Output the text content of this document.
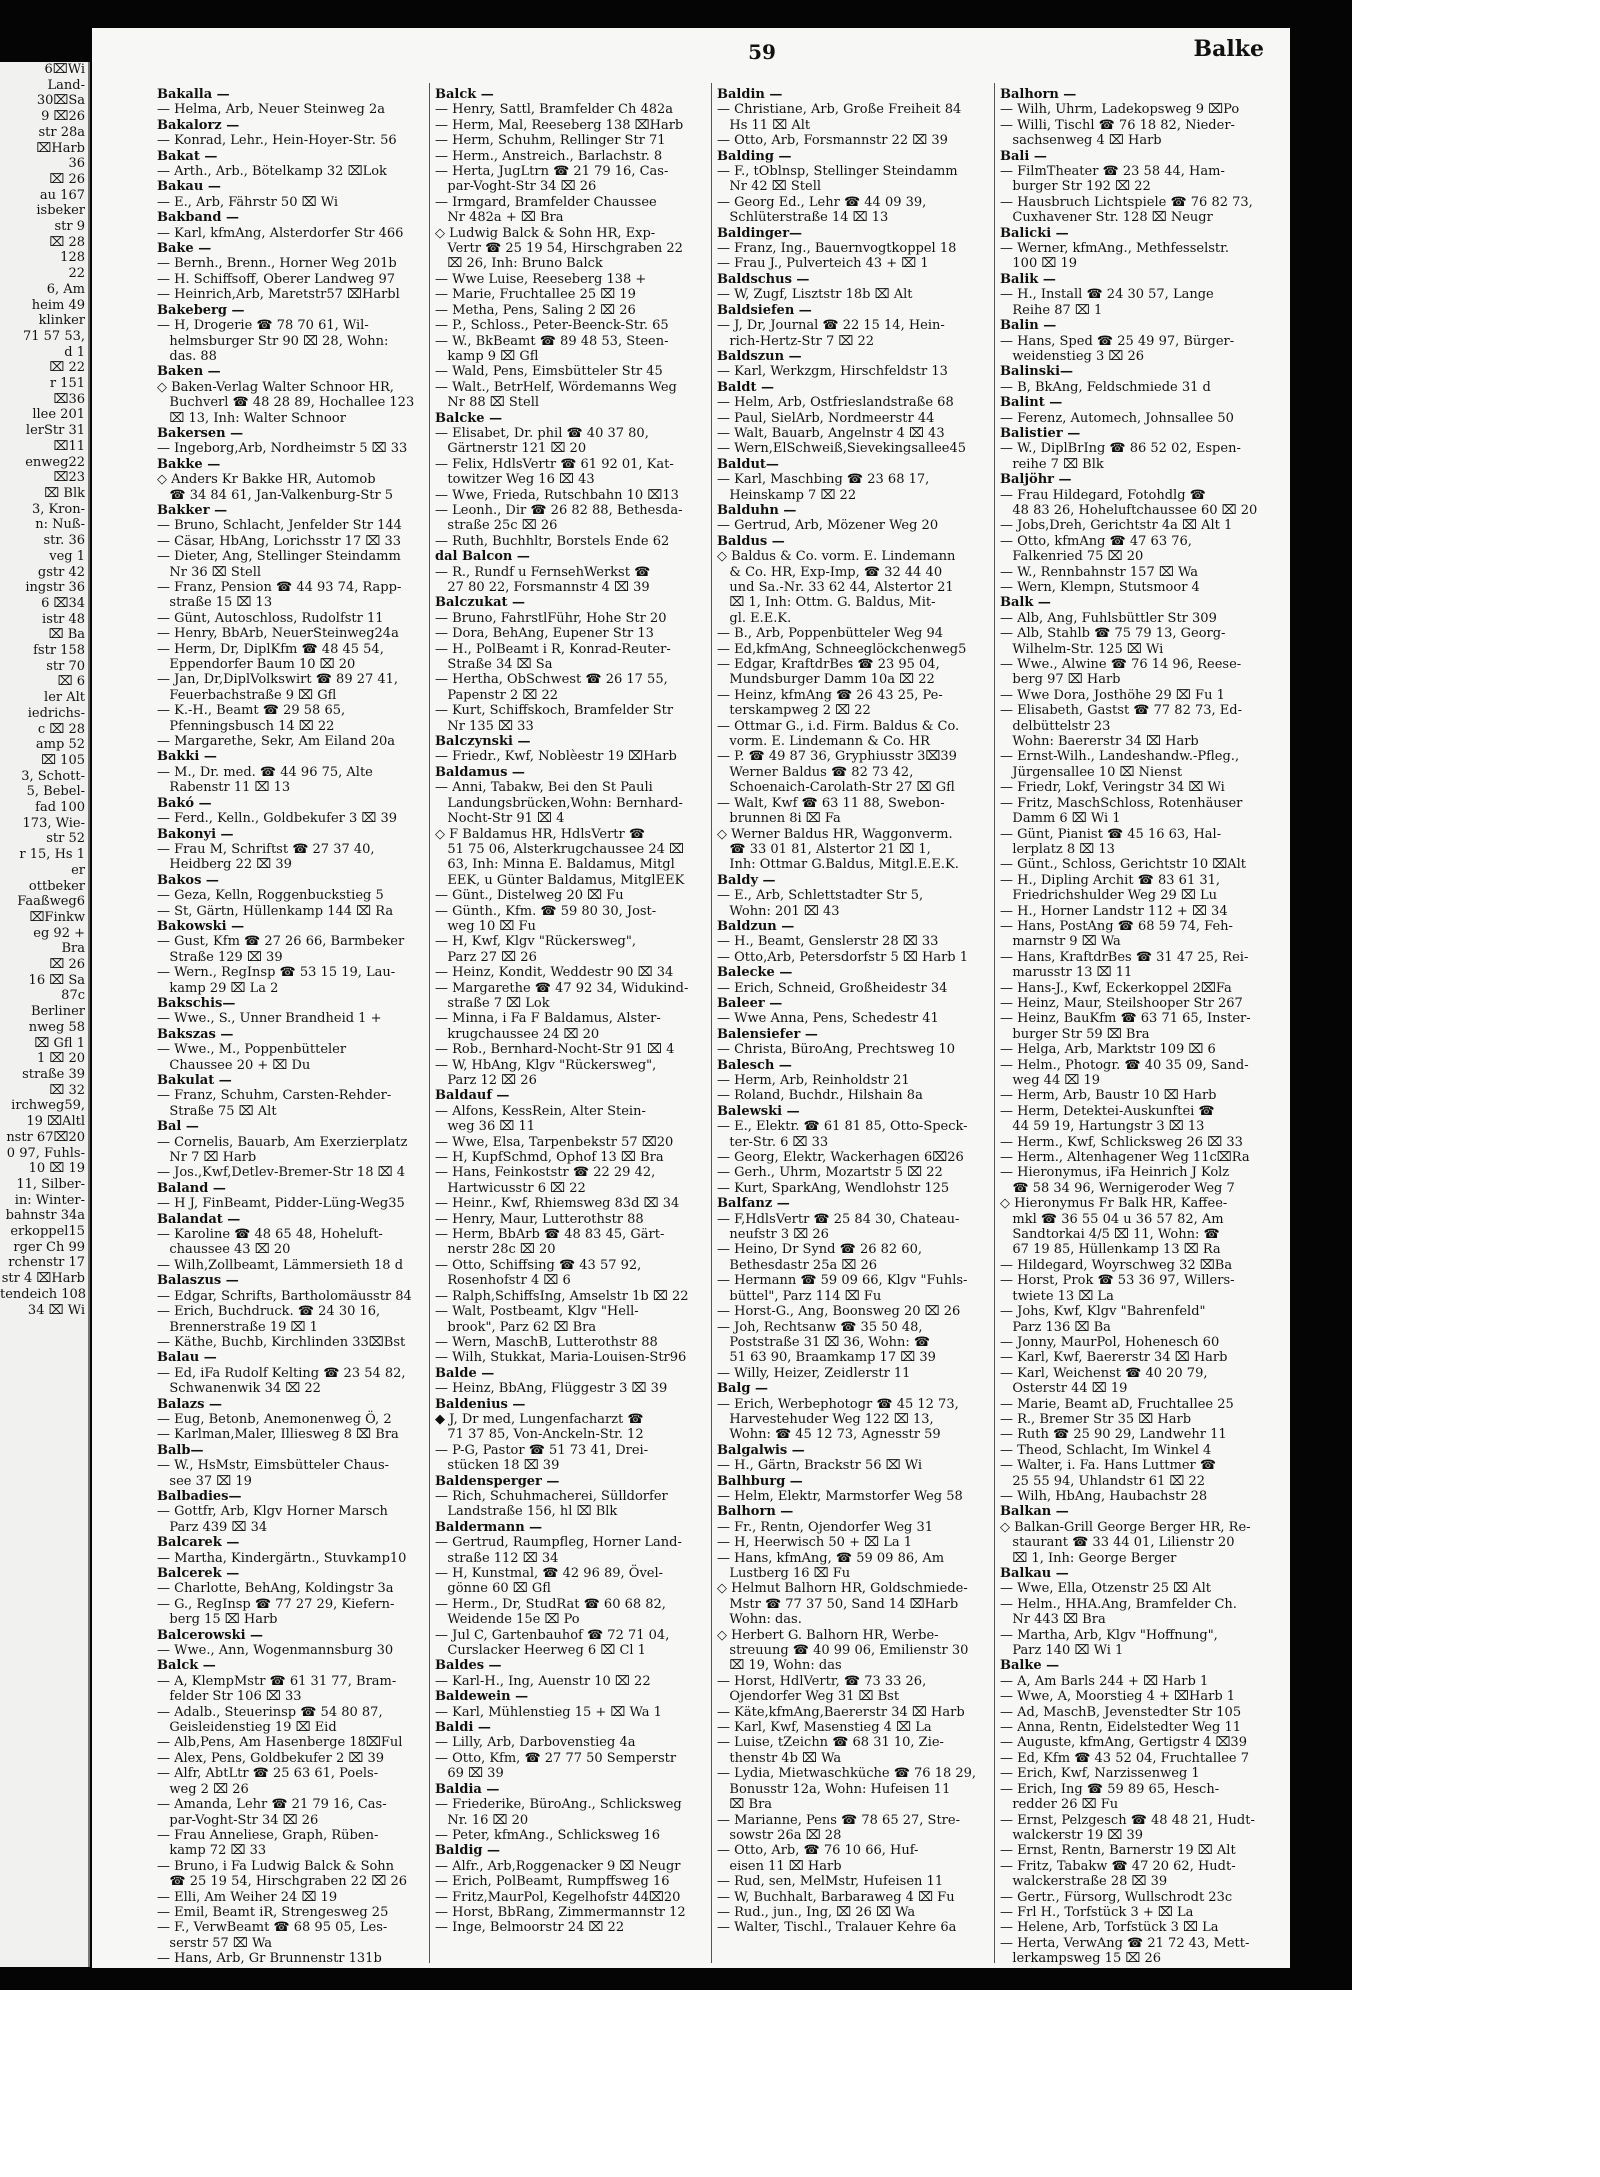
6⌧Wi
Land-
30⌧Sa
9 ⌧26
str 28a
⌧Harb
36
⌧ 26
au 167
isbeker
str 9
⌧ 28
128
22
6, Am
heim 49
klinker
71 57 53,
d 1
⌧ 22
r 151
⌧36
llee 201
lerStr 31
⌧11
enweg22
⌧23
⌧ Blk
3, Kron-
n: Nuß-
str. 36
veg 1
gstr 42
ingstr 36
6 ⌧34
istr 48
⌧ Ba
fstr 158
str 70
⌧ 6
ler Alt
iedrichs-
c ⌧ 28
amp 52
⌧ 105
3, Schott-
5, Bebel-
fad 100
173, Wie-
str 52
r 15, Hs 1
er
ottbeker
Faaßweg6
⌧Finkw
eg 92 +
Bra
⌧ 26
16 ⌧ Sa
87c
Berliner
nweg 58
⌧ Gfl 1
1 ⌧ 20
straße 39
⌧ 32
irchweg59,
19 ⌧Altl
nstr 67⌧20
0 97, Fuhls-
10 ⌧ 19
11, Silber-
in: Winter-
bahnstr 34a
erkoppel15
rger Ch 99
rchenstr 17
str 4 ⌧Harb
tendeich 108
34 ⌧ Wi
59	Balke
Bakalla —
— Helma, Arb, Neuer Steinweg 2a
Bakalorz —
— Konrad, Lehr., Hein-Hoyer-Str. 56
Bakat —
— Arth., Arb., Bötelkamp 32 ⌧Lok
Bakau —
— E., Arb, Fährstr 50 ⌧ Wi
Bakband —
— Karl, kfmAng, Alsterdorfer Str 466
Bake —
— Bernh., Brenn., Horner Weg 201b
— H. Schiffsoff, Oberer Landweg 97
— Heinrich,Arb, Maretstr57 ⌧Harbl
Bakeberg —
— H, Drogerie ☎ 78 70 61, Wil-
helmsburger Str 90 ⌧ 28, Wohn:
das. 88
Baken —
◇ Baken-Verlag Walter Schnoor HR,
Buchverl ☎ 48 28 89, Hochallee 123
⌧ 13, Inh: Walter Schnoor
Bakersen —
— Ingeborg,Arb, Nordheimstr 5 ⌧ 33
Bakke —
◇ Anders Kr Bakke HR, Automob
☎ 34 84 61, Jan-Valkenburg-Str 5
Bakker —
— Bruno, Schlacht, Jenfelder Str 144
— Cäsar, HbAng, Lorichsstr 17 ⌧ 33
— Dieter, Ang, Stellinger Steindamm
Nr 36 ⌧ Stell
— Franz, Pension ☎ 44 93 74, Rapp-
straße 15 ⌧ 13
— Günt, Autoschloss, Rudolfstr 11
— Henry, BbArb, NeuerSteinweg24a
— Herm, Dr, DiplKfm ☎ 48 45 54,
Eppendorfer Baum 10 ⌧ 20
— Jan, Dr,DiplVolkswirt ☎ 89 27 41,
Feuerbachstraße 9 ⌧ Gfl
— K.-H., Beamt ☎ 29 58 65,
Pfenningsbusch 14 ⌧ 22
— Margarethe, Sekr, Am Eiland 20a
Bakki —
— M., Dr. med. ☎ 44 96 75, Alte
Rabenstr 11 ⌧ 13
Bakó —
— Ferd., Kelln., Goldbekufer 3 ⌧ 39
Bakonyi —
— Frau M, Schriftst ☎ 27 37 40,
Heidberg 22 ⌧ 39
Bakos —
— Geza, Kelln, Roggenbuckstieg 5
— St, Gärtn, Hüllenkamp 144 ⌧ Ra
Bakowski —
— Gust, Kfm ☎ 27 26 66, Barmbeker
Straße 129 ⌧ 39
— Wern., RegInsp ☎ 53 15 19, Lau-
kamp 29 ⌧ La 2
Bakschis—
— Wwe., S., Unner Brandheid 1 +
Bakszas —
— Wwe., M., Poppenbütteler
Chaussee 20 + ⌧ Du
Bakulat —
— Franz, Schuhm, Carsten-Rehder-
Straße 75 ⌧ Alt
Bal —
— Cornelis, Bauarb, Am Exerzierplatz
Nr 7 ⌧ Harb
— Jos.,Kwf,Detlev-Bremer-Str 18 ⌧ 4
Baland —
— H J, FinBeamt, Pidder-Lüng-Weg35
Balandat —
— Karoline ☎ 48 65 48, Hoheluft-
chaussee 43 ⌧ 20
— Wilh,Zollbeamt, Lämmersieth 18 d
Balaszus —
— Edgar, Schrifts, Bartholomäusstr 84
— Erich, Buchdruck. ☎ 24 30 16,
Brennerstraße 19 ⌧ 1
— Käthe, Buchb, Kirchlinden 33⌧Bst
Balau —
— Ed, iFa Rudolf Kelting ☎ 23 54 82,
Schwanenwik 34 ⌧ 22
Balazs —
— Eug, Betonb, Anemonenweg Ö, 2
— Karlman,Maler, Illiesweg 8 ⌧ Bra
Balb—
— W., HsMstr, Eimsbütteler Chaus-
see 37 ⌧ 19
Balbadies—
— Gottfr, Arb, Klgv Horner Marsch
Parz 439 ⌧ 34
Balcarek —
— Martha, Kindergärtn., Stuvkamp10
Balcerek —
— Charlotte, BehAng, Koldingstr 3a
— G., RegInsp ☎ 77 27 29, Kiefern-
berg 15 ⌧ Harb
Balcerowski —
— Wwe., Ann, Wogenmannsburg 30
Balck —
— A, KlempMstr ☎ 61 31 77, Bram-
felder Str 106 ⌧ 33
— Adalb., Steuerinsp ☎ 54 80 87,
Geisleidenstieg 19 ⌧ Eid
— Alb,Pens, Am Hasenberge 18⌧Ful
— Alex, Pens, Goldbekufer 2 ⌧ 39
— Alfr, AbtLtr ☎ 25 63 61, Poels-
weg 2 ⌧ 26
— Amanda, Lehr ☎ 21 79 16, Cas-
par-Voght-Str 34 ⌧ 26
— Frau Anneliese, Graph, Rüben-
kamp 72 ⌧ 33
— Bruno, i Fa Ludwig Balck & Sohn
☎ 25 19 54, Hirschgraben 22 ⌧ 26
— Elli, Am Weiher 24 ⌧ 19
— Emil, Beamt iR, Strengesweg 25
— F., VerwBeamt ☎ 68 95 05, Les-
serstr 57 ⌧ Wa
— Hans, Arb, Gr Brunnenstr 131b
Balck —
— Henry, Sattl, Bramfelder Ch 482a
— Herm, Mal, Reeseberg 138 ⌧Harb
— Herm, Schuhm, Rellinger Str 71
— Herm., Anstreich., Barlachstr. 8
— Herta, JugLtrn ☎ 21 79 16, Cas-
par-Voght-Str 34 ⌧ 26
— Irmgard, Bramfelder Chaussee
Nr 482a + ⌧ Bra
◇ Ludwig Balck & Sohn HR, Exp-
Vertr ☎ 25 19 54, Hirschgraben 22
⌧ 26, Inh: Bruno Balck
— Wwe Luise, Reeseberg 138 +
— Marie, Fruchtallee 25 ⌧ 19
— Metha, Pens, Saling 2 ⌧ 26
— P., Schloss., Peter-Beenck-Str. 65
— W., BkBeamt ☎ 89 48 53, Steen-
kamp 9 ⌧ Gfl
— Wald, Pens, Eimsbütteler Str 45
— Walt., BetrHelf, Wördemanns Weg
Nr 88 ⌧ Stell
Balcke —
— Elisabet, Dr. phil ☎ 40 37 80,
Gärtnerstr 121 ⌧ 20
— Felix, HdlsVertr ☎ 61 92 01, Kat-
towitzer Weg 16 ⌧ 43
— Wwe, Frieda, Rutschbahn 10 ⌧13
— Leonh., Dir ☎ 26 82 88, Bethesda-
straße 25c ⌧ 26
— Ruth, Buchhltr, Borstels Ende 62
dal Balcon —
— R., Rundf u FernsehWerkst ☎
27 80 22, Forsmannstr 4 ⌧ 39
Balczukat —
— Bruno, FahrstlFühr, Hohe Str 20
— Dora, BehAng, Eupener Str 13
— H., PolBeamt i R, Konrad-Reuter-
Straße 34 ⌧ Sa
— Hertha, ObSchwest ☎ 26 17 55,
Papenstr 2 ⌧ 22
— Kurt, Schiffskoch, Bramfelder Str
Nr 135 ⌧ 33
Balczynski —
— Friedr., Kwf, Noblèestr 19 ⌧Harb
Baldamus —
— Anni, Tabakw, Bei den St Pauli
Landungsbrücken,Wohn: Bernhard-
Nocht-Str 91 ⌧ 4
◇ F Baldamus HR, HdlsVertr ☎
51 75 06, Alsterkrugchaussee 24 ⌧
63, Inh: Minna E. Baldamus, Mitgl
EEK, u Günter Baldamus, MitglEEK
— Günt., Distelweg 20 ⌧ Fu
— Günth., Kfm. ☎ 59 80 30, Jost-
weg 10 ⌧ Fu
— H, Kwf, Klgv "Rückersweg",
Parz 27 ⌧ 26
— Heinz, Kondit, Weddestr 90 ⌧ 34
— Margarethe ☎ 47 92 34, Widukind-
straße 7 ⌧ Lok
— Minna, i Fa F Baldamus, Alster-
krugchaussee 24 ⌧ 20
— Rob., Bernhard-Nocht-Str 91 ⌧ 4
— W, HbAng, Klgv "Rückersweg",
Parz 12 ⌧ 26
Baldauf —
— Alfons, KessRein, Alter Stein-
weg 36 ⌧ 11
— Wwe, Elsa, Tarpenbekstr 57 ⌧20
— H, KupfSchmd, Ophof 13 ⌧ Bra
— Hans, Feinkoststr ☎ 22 29 42,
Hartwicusstr 6 ⌧ 22
— Heinr., Kwf, Rhiemsweg 83d ⌧ 34
— Henry, Maur, Lutterothstr 88
— Herm, BbArb ☎ 48 83 45, Gärt-
nerstr 28c ⌧ 20
— Otto, Schiffsing ☎ 43 57 92,
Rosenhofstr 4 ⌧ 6
— Ralph,SchiffsIng, Amselstr 1b ⌧ 22
— Walt, Postbeamt, Klgv "Hell-
brook", Parz 62 ⌧ Bra
— Wern, MaschB, Lutterothstr 88
— Wilh, Stukkat, Maria-Louisen-Str96
Balde —
— Heinz, BbAng, Flüggestr 3 ⌧ 39
Baldenius —
◆ J, Dr med, Lungenfacharzt ☎
71 37 85, Von-Anckeln-Str. 12
— P-G, Pastor ☎ 51 73 41, Drei-
stücken 18 ⌧ 39
Baldensperger —
— Rich, Schuhmacherei, Sülldorfer
Landstraße 156, hl ⌧ Blk
Baldermann —
— Gertrud, Raumpfleg, Horner Land-
straße 112 ⌧ 34
— H, Kunstmal, ☎ 42 96 89, Övel-
gönne 60 ⌧ Gfl
— Herm., Dr, StudRat ☎ 60 68 82,
Weidende 15e ⌧ Po
— Jul C, Gartenbauhof ☎ 72 71 04,
Curslacker Heerweg 6 ⌧ Cl 1
Baldes —
— Karl-H., Ing, Auenstr 10 ⌧ 22
Baldewein —
— Karl, Mühlenstieg 15 + ⌧ Wa 1
Baldi —
— Lilly, Arb, Darbovenstieg 4a
— Otto, Kfm, ☎ 27 77 50 Semperstr
69 ⌧ 39
Baldia —
— Friederike, BüroAng., Schlicksweg
Nr. 16 ⌧ 20
— Peter, kfmAng., Schlicksweg 16
Baldig —
— Alfr., Arb,Roggenacker 9 ⌧ Neugr
— Erich, PolBeamt, Rumpffsweg 16
— Fritz,MaurPol, Kegelhofstr 44⌧20
— Horst, BbRang, Zimmermannstr 12
— Inge, Belmoorstr 24 ⌧ 22
Baldin —
— Christiane, Arb, Große Freiheit 84
Hs 11 ⌧ Alt
— Otto, Arb, Forsmannstr 22 ⌧ 39
Balding —
— F., tOblnsp, Stellinger Steindamm
Nr 42 ⌧ Stell
— Georg Ed., Lehr ☎ 44 09 39,
Schlüterstraße 14 ⌧ 13
Baldinger—
— Franz, Ing., Bauernvogtkoppel 18
— Frau J., Pulverteich 43 + ⌧ 1
Baldschus —
— W, Zugf, Lisztstr 18b ⌧ Alt
Baldsiefen —
— J, Dr, Journal ☎ 22 15 14, Hein-
rich-Hertz-Str 7 ⌧ 22
Baldszun —
— Karl, Werkzgm, Hirschfeldstr 13
Baldt —
— Helm, Arb, Ostfrieslandstraße 68
— Paul, SielArb, Nordmeerstr 44
— Walt, Bauarb, Angelnstr 4 ⌧ 43
— Wern,ElSchweiß,Sievekingsallee45
Baldut—
— Karl, Maschbing ☎ 23 68 17,
Heinskamp 7 ⌧ 22
Balduhn —
— Gertrud, Arb, Mözener Weg 20
Baldus —
◇ Baldus & Co. vorm. E. Lindemann
& Co. HR, Exp-Imp, ☎ 32 44 40
und Sa.-Nr. 33 62 44, Alstertor 21
⌧ 1, Inh: Ottm. G. Baldus, Mit-
gl. E.E.K.
— B., Arb, Poppenbütteler Weg 94
— Ed,kfmAng, Schneeglöckchenweg5
— Edgar, KraftdrBes ☎ 23 95 04,
Mundsburger Damm 10a ⌧ 22
— Heinz, kfmAng ☎ 26 43 25, Pe-
terskampweg 2 ⌧ 22
— Ottmar G., i.d. Firm. Baldus & Co.
vorm. E. Lindemann & Co. HR
— P. ☎ 49 87 36, Gryphiusstr 3⌧39
Werner Baldus ☎ 82 73 42,
Schoenaich-Carolath-Str 27 ⌧ Gfl
— Walt, Kwf ☎ 63 11 88, Swebon-
brunnen 8i ⌧ Fa
◇ Werner Baldus HR, Waggonverm.
☎ 33 01 81, Alstertor 21 ⌧ 1,
Inh: Ottmar G.Baldus, Mitgl.E.E.K.
Baldy —
— E., Arb, Schlettstadter Str 5,
Wohn: 201 ⌧ 43
Baldzun —
— H., Beamt, Genslerstr 28 ⌧ 33
— Otto,Arb, Petersdorfstr 5 ⌧ Harb 1
Balecke —
— Erich, Schneid, Großheidestr 34
Baleer —
— Wwe Anna, Pens, Schedestr 41
Balensiefer —
— Christa, BüroAng, Prechtsweg 10
Balesch —
— Herm, Arb, Reinholdstr 21
— Roland, Buchdr., Hilshain 8a
Balewski —
— E., Elektr. ☎ 61 81 85, Otto-Speck-
ter-Str. 6 ⌧ 33
— Georg, Elektr, Wackerhagen 6⌧26
— Gerh., Uhrm, Mozartstr 5 ⌧ 22
— Kurt, SparkAng, Wendlohstr 125
Balfanz —
— F,HdlsVertr ☎ 25 84 30, Chateau-
neufstr 3 ⌧ 26
— Heino, Dr Synd ☎ 26 82 60,
Bethesdastr 25a ⌧ 26
— Hermann ☎ 59 09 66, Klgv "Fuhls-
büttel", Parz 114 ⌧ Fu
— Horst-G., Ang, Boonsweg 20 ⌧ 26
— Joh, Rechtsanw ☎ 35 50 48,
Poststraße 31 ⌧ 36, Wohn: ☎
51 63 90, Braamkamp 17 ⌧ 39
— Willy, Heizer, Zeidlerstr 11
Balg —
— Erich, Werbephotogr ☎ 45 12 73,
Harvestehuder Weg 122 ⌧ 13,
Wohn: ☎ 45 12 73, Agnesstr 59
Balgalwis —
— H., Gärtn, Brackstr 56 ⌧ Wi
Balhburg —
— Helm, Elektr, Marmstorfer Weg 58
Balhorn —
— Fr., Rentn, Ojendorfer Weg 31
— H, Heerwisch 50 + ⌧ La 1
— Hans, kfmAng, ☎ 59 09 86, Am
Lustberg 16 ⌧ Fu
◇ Helmut Balhorn HR, Goldschmiede-
Mstr ☎ 77 37 50, Sand 14 ⌧Harb
Wohn: das.
◇ Herbert G. Balhorn HR, Werbe-
streuung ☎ 40 99 06, Emilienstr 30
⌧ 19, Wohn: das
— Horst, HdlVertr, ☎ 73 33 26,
Ojendorfer Weg 31 ⌧ Bst
— Käte,kfmAng,Baererstr 34 ⌧ Harb
— Karl, Kwf, Masenstieg 4 ⌧ La
— Luise, tZeichn ☎ 68 31 10, Zie-
thenstr 4b ⌧ Wa
— Lydia, Mietwaschküche ☎ 76 18 29,
Bonusstr 12a, Wohn: Hufeisen 11
⌧ Bra
— Marianne, Pens ☎ 78 65 27, Stre-
sowstr 26a ⌧ 28
— Otto, Arb, ☎ 76 10 66, Huf-
eisen 11 ⌧ Harb
— Rud, sen, MelMstr, Hufeisen 11
— W, Buchhalt, Barbaraweg 4 ⌧ Fu
— Rud., jun., Ing, ⌧ 26 ⌧ Wa
— Walter, Tischl., Tralauer Kehre 6a
Balhorn —
— Wilh, Uhrm, Ladekopsweg 9 ⌧Po
— Willi, Tischl ☎ 76 18 82, Nieder-
sachsenweg 4 ⌧ Harb
Bali —
— FilmTheater ☎ 23 58 44, Ham-
burger Str 192 ⌧ 22
— Hausbruch Lichtspiele ☎ 76 82 73,
Cuxhavener Str. 128 ⌧ Neugr
Balicki —
— Werner, kfmAng., Methfesselstr.
100 ⌧ 19
Balik —
— H., Install ☎ 24 30 57, Lange
Reihe 87 ⌧ 1
Balin —
— Hans, Sped ☎ 25 49 97, Bürger-
weidenstieg 3 ⌧ 26
Balinski—
— B, BkAng, Feldschmiede 31 d
Balint —
— Ferenz, Automech, Johnsallee 50
Balistier —
— W., DiplBrIng ☎ 86 52 02, Espen-
reihe 7 ⌧ Blk
Baljöhr —
— Frau Hildegard, Fotohdlg ☎
48 83 26, Hoheluftchaussee 60 ⌧ 20
— Jobs,Dreh, Gerichtstr 4a ⌧ Alt 1
— Otto, kfmAng ☎ 47 63 76,
Falkenried 75 ⌧ 20
— W., Rennbahnstr 157 ⌧ Wa
— Wern, Klempn, Stutsmoor 4
Balk —
— Alb, Ang, Fuhlsbüttler Str 309
— Alb, Stahlb ☎ 75 79 13, Georg-
Wilhelm-Str. 125 ⌧ Wi
— Wwe., Alwine ☎ 76 14 96, Reese-
berg 97 ⌧ Harb
— Wwe Dora, Josthöhe 29 ⌧ Fu 1
— Elisabeth, Gastst ☎ 77 82 73, Ed-
delbüttelstr 23
Wohn: Baererstr 34 ⌧ Harb
— Ernst-Wilh., Landeshandw.-Pfleg.,
Jürgensallee 10 ⌧ Nienst
— Friedr, Lokf, Veringstr 34 ⌧ Wi
— Fritz, MaschSchloss, Rotenhäuser
Damm 6 ⌧ Wi 1
— Günt, Pianist ☎ 45 16 63, Hal-
lerplatz 8 ⌧ 13
— Günt., Schloss, Gerichtstr 10 ⌧Alt
— H., Dipling Archit ☎ 83 61 31,
Friedrichshulder Weg 29 ⌧ Lu
— H., Horner Landstr 112 + ⌧ 34
— Hans, PostAng ☎ 68 59 74, Feh-
marnstr 9 ⌧ Wa
— Hans, KraftdrBes ☎ 31 47 25, Rei-
marusstr 13 ⌧ 11
— Hans-J., Kwf, Eckerkoppel 2⌧Fa
— Heinz, Maur, Steilshooper Str 267
— Heinz, BauKfm ☎ 63 71 65, Inster-
burger Str 59 ⌧ Bra
— Helga, Arb, Marktstr 109 ⌧ 6
— Helm., Photogr. ☎ 40 35 09, Sand-
weg 44 ⌧ 19
— Herm, Arb, Baustr 10 ⌧ Harb
— Herm, Detektei-Auskunftei ☎
44 59 19, Hartungstr 3 ⌧ 13
— Herm., Kwf, Schlicksweg 26 ⌧ 33
— Herm., Altenhagener Weg 11c⌧Ra
— Hieronymus, iFa Heinrich J Kolz
☎ 58 34 96, Wernigeroder Weg 7
◇ Hieronymus Fr Balk HR, Kaffee-
mkl ☎ 36 55 04 u 36 57 82, Am
Sandtorkai 4/5 ⌧ 11, Wohn: ☎
67 19 85, Hüllenkamp 13 ⌧ Ra
— Hildegard, Woyrschweg 32 ⌧Ba
— Horst, Prok ☎ 53 36 97, Willers-
twiete 13 ⌧ La
— Johs, Kwf, Klgv "Bahrenfeld"
Parz 136 ⌧ Ba
— Jonny, MaurPol, Hohenesch 60
— Karl, Kwf, Baererstr 34 ⌧ Harb
— Karl, Weichenst ☎ 40 20 79,
Osterstr 44 ⌧ 19
— Marie, Beamt aD, Fruchtallee 25
— R., Bremer Str 35 ⌧ Harb
— Ruth ☎ 25 90 29, Landwehr 11
— Theod, Schlacht, Im Winkel 4
— Walter, i. Fa. Hans Luttmer ☎
25 55 94, Uhlandstr 61 ⌧ 22
— Wilh, HbAng, Haubachstr 28
Balkan —
◇ Balkan-Grill George Berger HR, Re-
staurant ☎ 33 44 01, Lilienstr 20
⌧ 1, Inh: George Berger
Balkau —
— Wwe, Ella, Otzenstr 25 ⌧ Alt
— Helm., HHA.Ang, Bramfelder Ch.
Nr 443 ⌧ Bra
— Martha, Arb, Klgv "Hoffnung",
Parz 140 ⌧ Wi 1
Balke —
— A, Am Barls 244 + ⌧ Harb 1
— Wwe, A, Moorstieg 4 + ⌧Harb 1
— Ad, MaschB, Jevenstedter Str 105
— Anna, Rentn, Eidelstedter Weg 11
— Auguste, kfmAng, Gertigstr 4 ⌧39
— Ed, Kfm ☎ 43 52 04, Fruchtallee 7
— Erich, Kwf, Narzissenweg 1
— Erich, Ing ☎ 59 89 65, Hesch-
redder 26 ⌧ Fu
— Ernst, Pelzgesch ☎ 48 48 21, Hudt-
walckerstr 19 ⌧ 39
— Ernst, Rentn, Barnerstr 19 ⌧ Alt
— Fritz, Tabakw ☎ 47 20 62, Hudt-
walckerstraße 28 ⌧ 39
— Gertr., Fürsorg, Wullschrodt 23c
— Frl H., Torfstück 3 + ⌧ La
— Helene, Arb, Torfstück 3 ⌧ La
— Herta, VerwAng ☎ 21 72 43, Mett-
lerkampsweg 15 ⌧ 26
